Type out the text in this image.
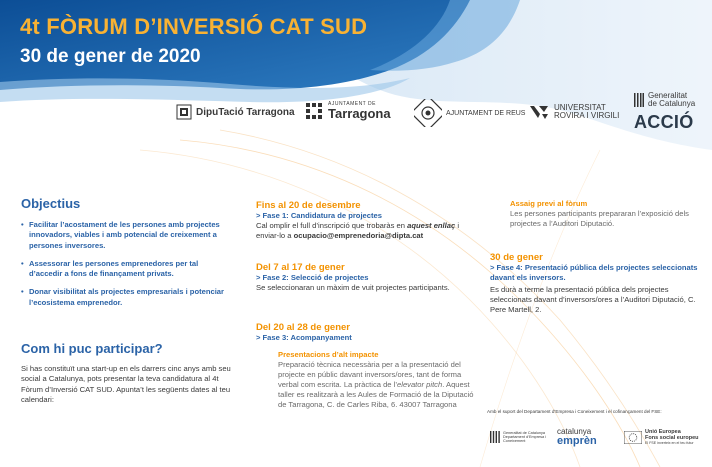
4t FÒRUM D’INVERSIÓ CAT SUD
30 de gener de 2020
DipuTació Tarragona
AJUNTAMENT DE
Tarragona	AJUNTAMENT DE REUS
UNIVERSITAT
ROVIRA I VIRGILI
Generalitat
de Catalunya
ACCIÓ
Objectius
• Facilitar l’acostament de les persones amb projectes innovadors, viables i amb potencial de creixement a persones inversores.
• Assessorar les persones emprenedores per tal d’accedir a fons de finançament privats.
• Donar visibilitat als projectes empresarials i potenciar l’ecosistema emprenedor.
Com hi puc participar?
Si has constituït una start-up en els darrers cinc anys amb seu social a Catalunya, pots presentar la teva candidatura al 4t Fòrum d’Inversió CAT SUD. Apunta’t les següents dates al teu calendari:
Fins al 20 de desembre
> Fase 1: Candidatura de projectes
Cal omplir el full d’inscripció que trobaràs en aquest enllaç i enviar-lo a ocupacio@emprenedoria@dipta.cat
Del 7 al 17 de gener
> Fase 2: Selecció de projectes
Se seleccionaran un màxim de vuit projectes participants.
Del 20 al 28 de gener
> Fase 3: Acompanyament
Presentacions d’alt impacte
Preparació tècnica necessària per a la presentació del projecte en públic davant inversors/ores, tant de forma verbal com escrita. La pràctica de l’elevator pitch. Aquest taller es realitzarà a les Aules de Formació de la Diputació de Tarragona, C. de Carles Riba, 6. 43007 Tarragona
Assaig previ al fòrum
Les persones participants prepararan l’exposició dels projectes a l’Auditori Diputació.
30 de gener
> Fase 4: Presentació pública dels projectes seleccionats davant els inversors.
Es durà a terme la presentació pública dels projectes seleccionats davant d’inversors/ores a l’Auditori Diputació, C. Pere Martell, 2.
Amb el suport del Departament d’Empresa i Coneixement i el cofinançament del FSE:
Generalitat de Catalunya Departament d’Empresa i Coneixement
catalunya
emprèn
Unió Europea
Fons social europeu
El FSE inverteix en el teu futur
